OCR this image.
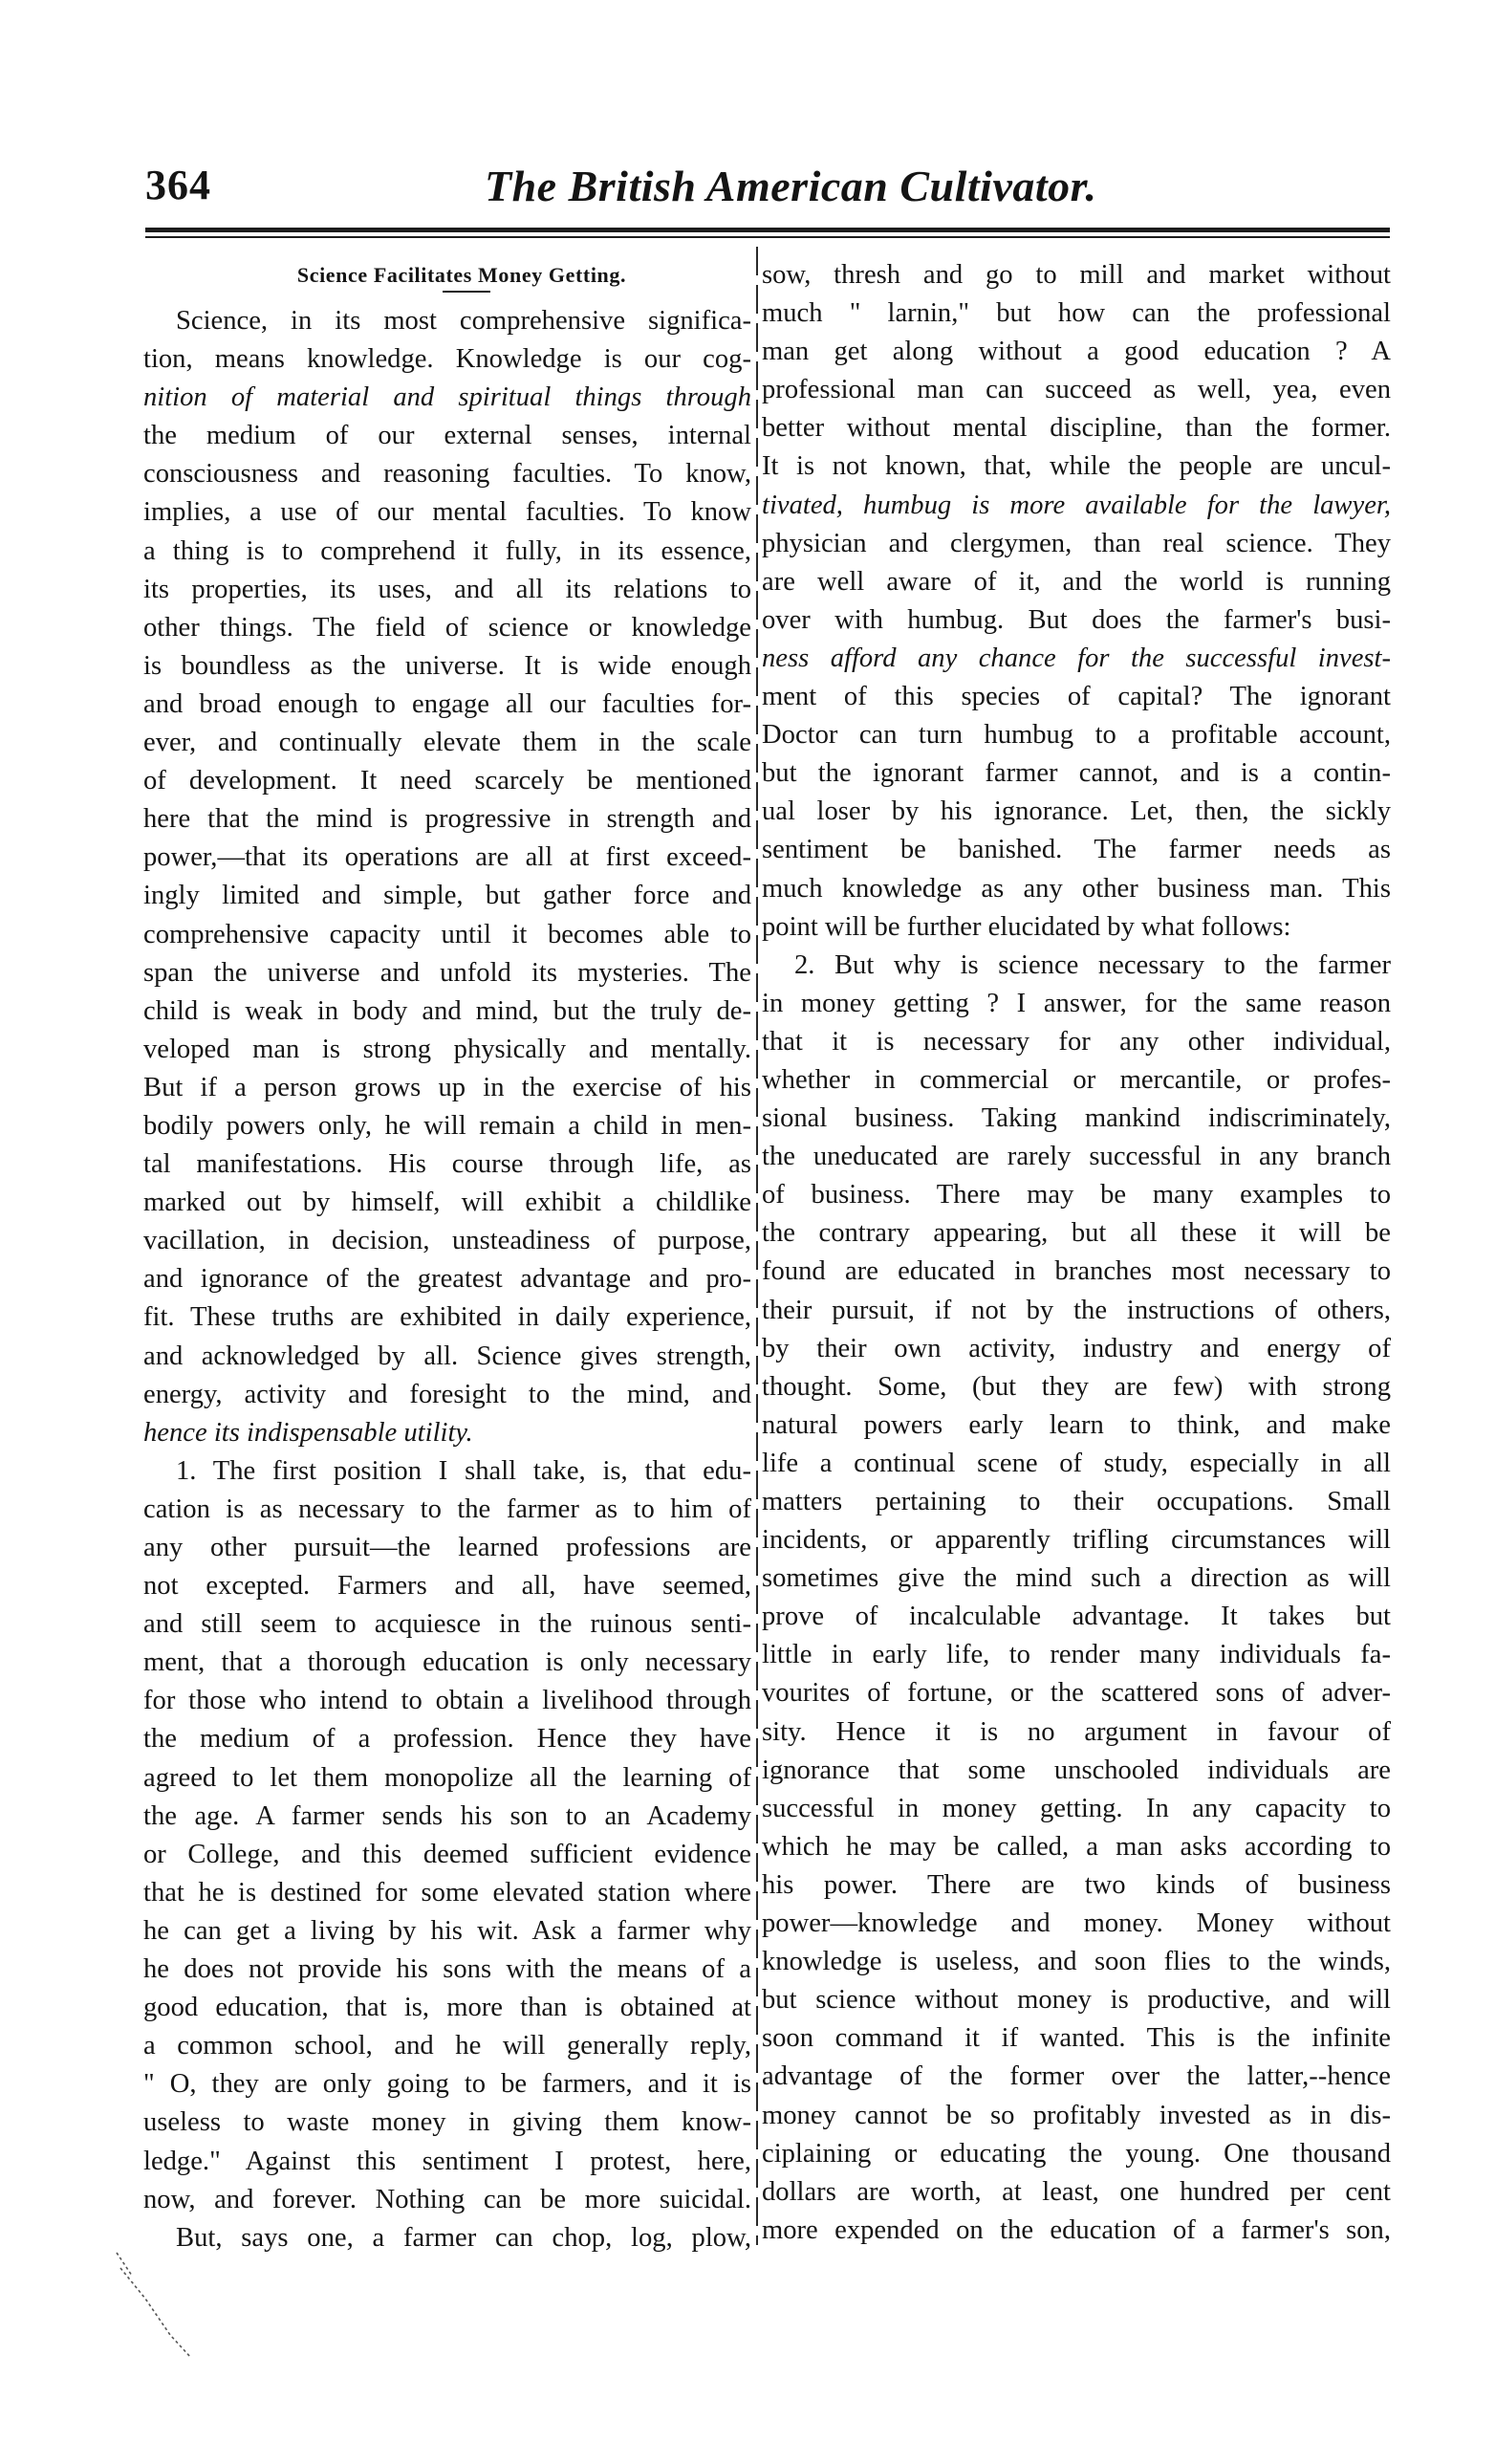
364	The British American Cultivator.
Science Facilitates Money Getting.
Science, in its most comprehensive significa-
tion, means knowledge. Knowledge is our cog-
nition of material and spiritual things through
the medium of our external senses, internal
consciousness and reasoning faculties. To know,
implies, a use of our mental faculties. To know
a thing is to comprehend it fully, in its essence,
its properties, its uses, and all its relations to
other things. The field of science or knowledge
is boundless as the universe. It is wide enough
and broad enough to engage all our faculties for-
ever, and continually elevate them in the scale
of development. It need scarcely be mentioned
here that the mind is progressive in strength and
power,—that its operations are all at first exceed-
ingly limited and simple, but gather force and
comprehensive capacity until it becomes able to
span the universe and unfold its mysteries. The
child is weak in body and mind, but the truly de-
veloped man is strong physically and mentally.
But if a person grows up in the exercise of his
bodily powers only, he will remain a child in men-
tal manifestations. His course through life, as
marked out by himself, will exhibit a childlike
vacillation, in decision, unsteadiness of purpose,
and ignorance of the greatest advantage and pro-
fit. These truths are exhibited in daily experience,
and acknowledged by all. Science gives strength,
energy, activity and foresight to the mind, and
hence its indispensable utility.
1. The first position I shall take, is, that edu-
cation is as necessary to the farmer as to him of
any other pursuit—the learned professions are
not excepted. Farmers and all, have seemed,
and still seem to acquiesce in the ruinous senti-
ment, that a thorough education is only necessary
for those who intend to obtain a livelihood through
the medium of a profession. Hence they have
agreed to let them monopolize all the learning of
the age. A farmer sends his son to an Academy
or College, and this deemed sufficient evidence
that he is destined for some elevated station where
he can get a living by his wit. Ask a farmer why
he does not provide his sons with the means of a
good education, that is, more than is obtained at
a common school, and he will generally reply,
" O, they are only going to be farmers, and it is
useless to waste money in giving them know-
ledge." Against this sentiment I protest, here,
now, and forever. Nothing can be more suicidal.
But, says one, a farmer can chop, log, plow,
sow, thresh and go to mill and market without
much " larnin," but how can the professional
man get along without a good education ? A
professional man can succeed as well, yea, even
better without mental discipline, than the former.
It is not known, that, while the people are uncul-
tivated, humbug is more available for the lawyer,
physician and clergymen, than real science. They
are well aware of it, and the world is running
over with humbug. But does the farmer's busi-
ness afford any chance for the successful invest-
ment of this species of capital? The ignorant
Doctor can turn humbug to a profitable account,
but the ignorant farmer cannot, and is a contin-
ual loser by his ignorance. Let, then, the sickly
sentiment be banished. The farmer needs as
much knowledge as any other business man. This
point will be further elucidated by what follows:
2. But why is science necessary to the farmer
in money getting ? I answer, for the same reason
that it is necessary for any other individual,
whether in commercial or mercantile, or profes-
sional business. Taking mankind indiscriminately,
the uneducated are rarely successful in any branch
of business. There may be many examples to
the contrary appearing, but all these it will be
found are educated in branches most necessary to
their pursuit, if not by the instructions of others,
by their own activity, industry and energy of
thought. Some, (but they are few) with strong
natural powers early learn to think, and make
life a continual scene of study, especially in all
matters pertaining to their occupations. Small
incidents, or apparently trifling circumstances will
sometimes give the mind such a direction as will
prove of incalculable advantage. It takes but
little in early life, to render many individuals fa-
vourites of fortune, or the scattered sons of adver-
sity. Hence it is no argument in favour of
ignorance that some unschooled individuals are
successful in money getting. In any capacity to
which he may be called, a man asks according to
his power. There are two kinds of business
power—knowledge and money. Money without
knowledge is useless, and soon flies to the winds,
but science without money is productive, and will
soon command it if wanted. This is the infinite
advantage of the former over the latter,--hence
money cannot be so profitably invested as in dis-
ciplaining or educating the young. One thousand
dollars are worth, at least, one hundred per cent
more expended on the education of a farmer's son,
